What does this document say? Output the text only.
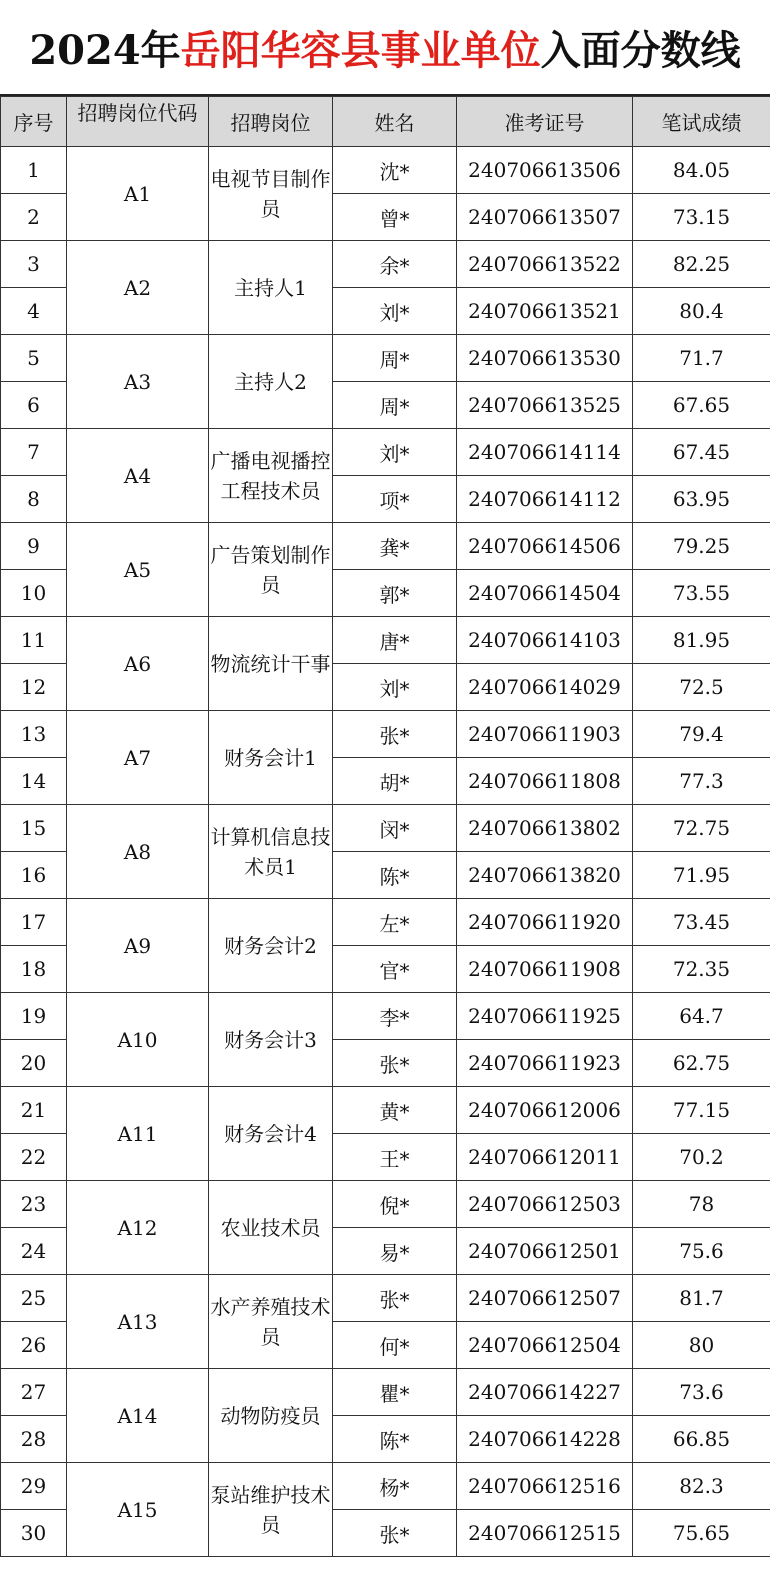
2024年岳阳华容县事业单位入面分数线
序号	招聘岗位代码	招聘岗位	姓名	准考证号	笔试成绩
1	A1	电视节目制作员	沈*	240706613506	84.05
2			曾*	240706613507	73.15
3	A2	主持人1	余*	240706613522	82.25
4			刘*	240706613521	80.4
5	A3	主持人2	周*	240706613530	71.7
6			周*	240706613525	67.65
7	A4	广播电视播控工程技术员	刘*	240706614114	67.45
8			项*	240706614112	63.95
9	A5	广告策划制作员	龚*	240706614506	79.25
10			郭*	240706614504	73.55
11	A6	物流统计干事	唐*	240706614103	81.95
12			刘*	240706614029	72.5
13	A7	财务会计1	张*	240706611903	79.4
14			胡*	240706611808	77.3
15	A8	计算机信息技术员1	闵*	240706613802	72.75
16			陈*	240706613820	71.95
17	A9	财务会计2	左*	240706611920	73.45
18			官*	240706611908	72.35
19	A10	财务会计3	李*	240706611925	64.7
20			张*	240706611923	62.75
21	A11	财务会计4	黄*	240706612006	77.15
22			王*	240706612011	70.2
23	A12	农业技术员	倪*	240706612503	78
24			易*	240706612501	75.6
25	A13	水产养殖技术员	张*	240706612507	81.7
26			何*	240706612504	80
27	A14	动物防疫员	瞿*	240706614227	73.6
28			陈*	240706614228	66.85
29	A15	泵站维护技术员	杨*	240706612516	82.3
30			张*	240706612515	75.65
